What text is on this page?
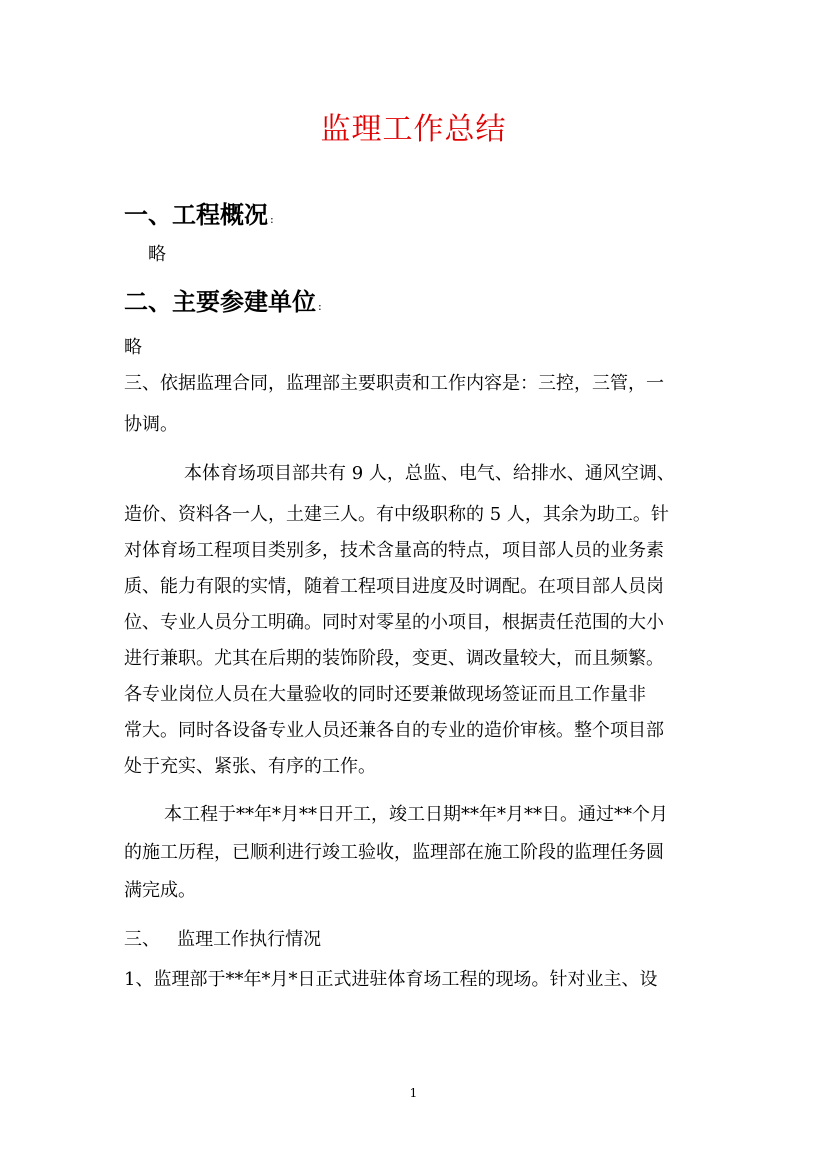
监理工作总结
一、工程概况 :
略
二、主要参建单位 :
略
三、依据监理合同，监理部主要职责和工作内容是：三控，三管，一
协调。
本体育场项目部共有 9 人，总监、电气、给排水、通风空调、
造价、资料各一人，土建三人。有中级职称的 5 人，其余为助工。针
对体育场工程项目类别多，技术含量高的特点，项目部人员的业务素
质、能力有限的实情，随着工程项目进度及时调配。在项目部人员岗
位、专业人员分工明确。同时对零星的小项目，根据责任范围的大小
进行兼职。尤其在后期的装饰阶段，变更、调改量较大，而且频繁。
各专业岗位人员在大量验收的同时还要兼做现场签证而且工作量非
常大。同时各设备专业人员还兼各自的专业的造价审核。整个项目部
处于充实、紧张、有序的工作。
本工程于**年*月**日开工，竣工日期**年*月**日。通过**个月
的施工历程，已顺利进行竣工验收，监理部在施工阶段的监理任务圆
满完成。
三、   监理工作执行情况
1、监理部于**年*月*日正式进驻体育场工程的现场。针对业主、设
1
